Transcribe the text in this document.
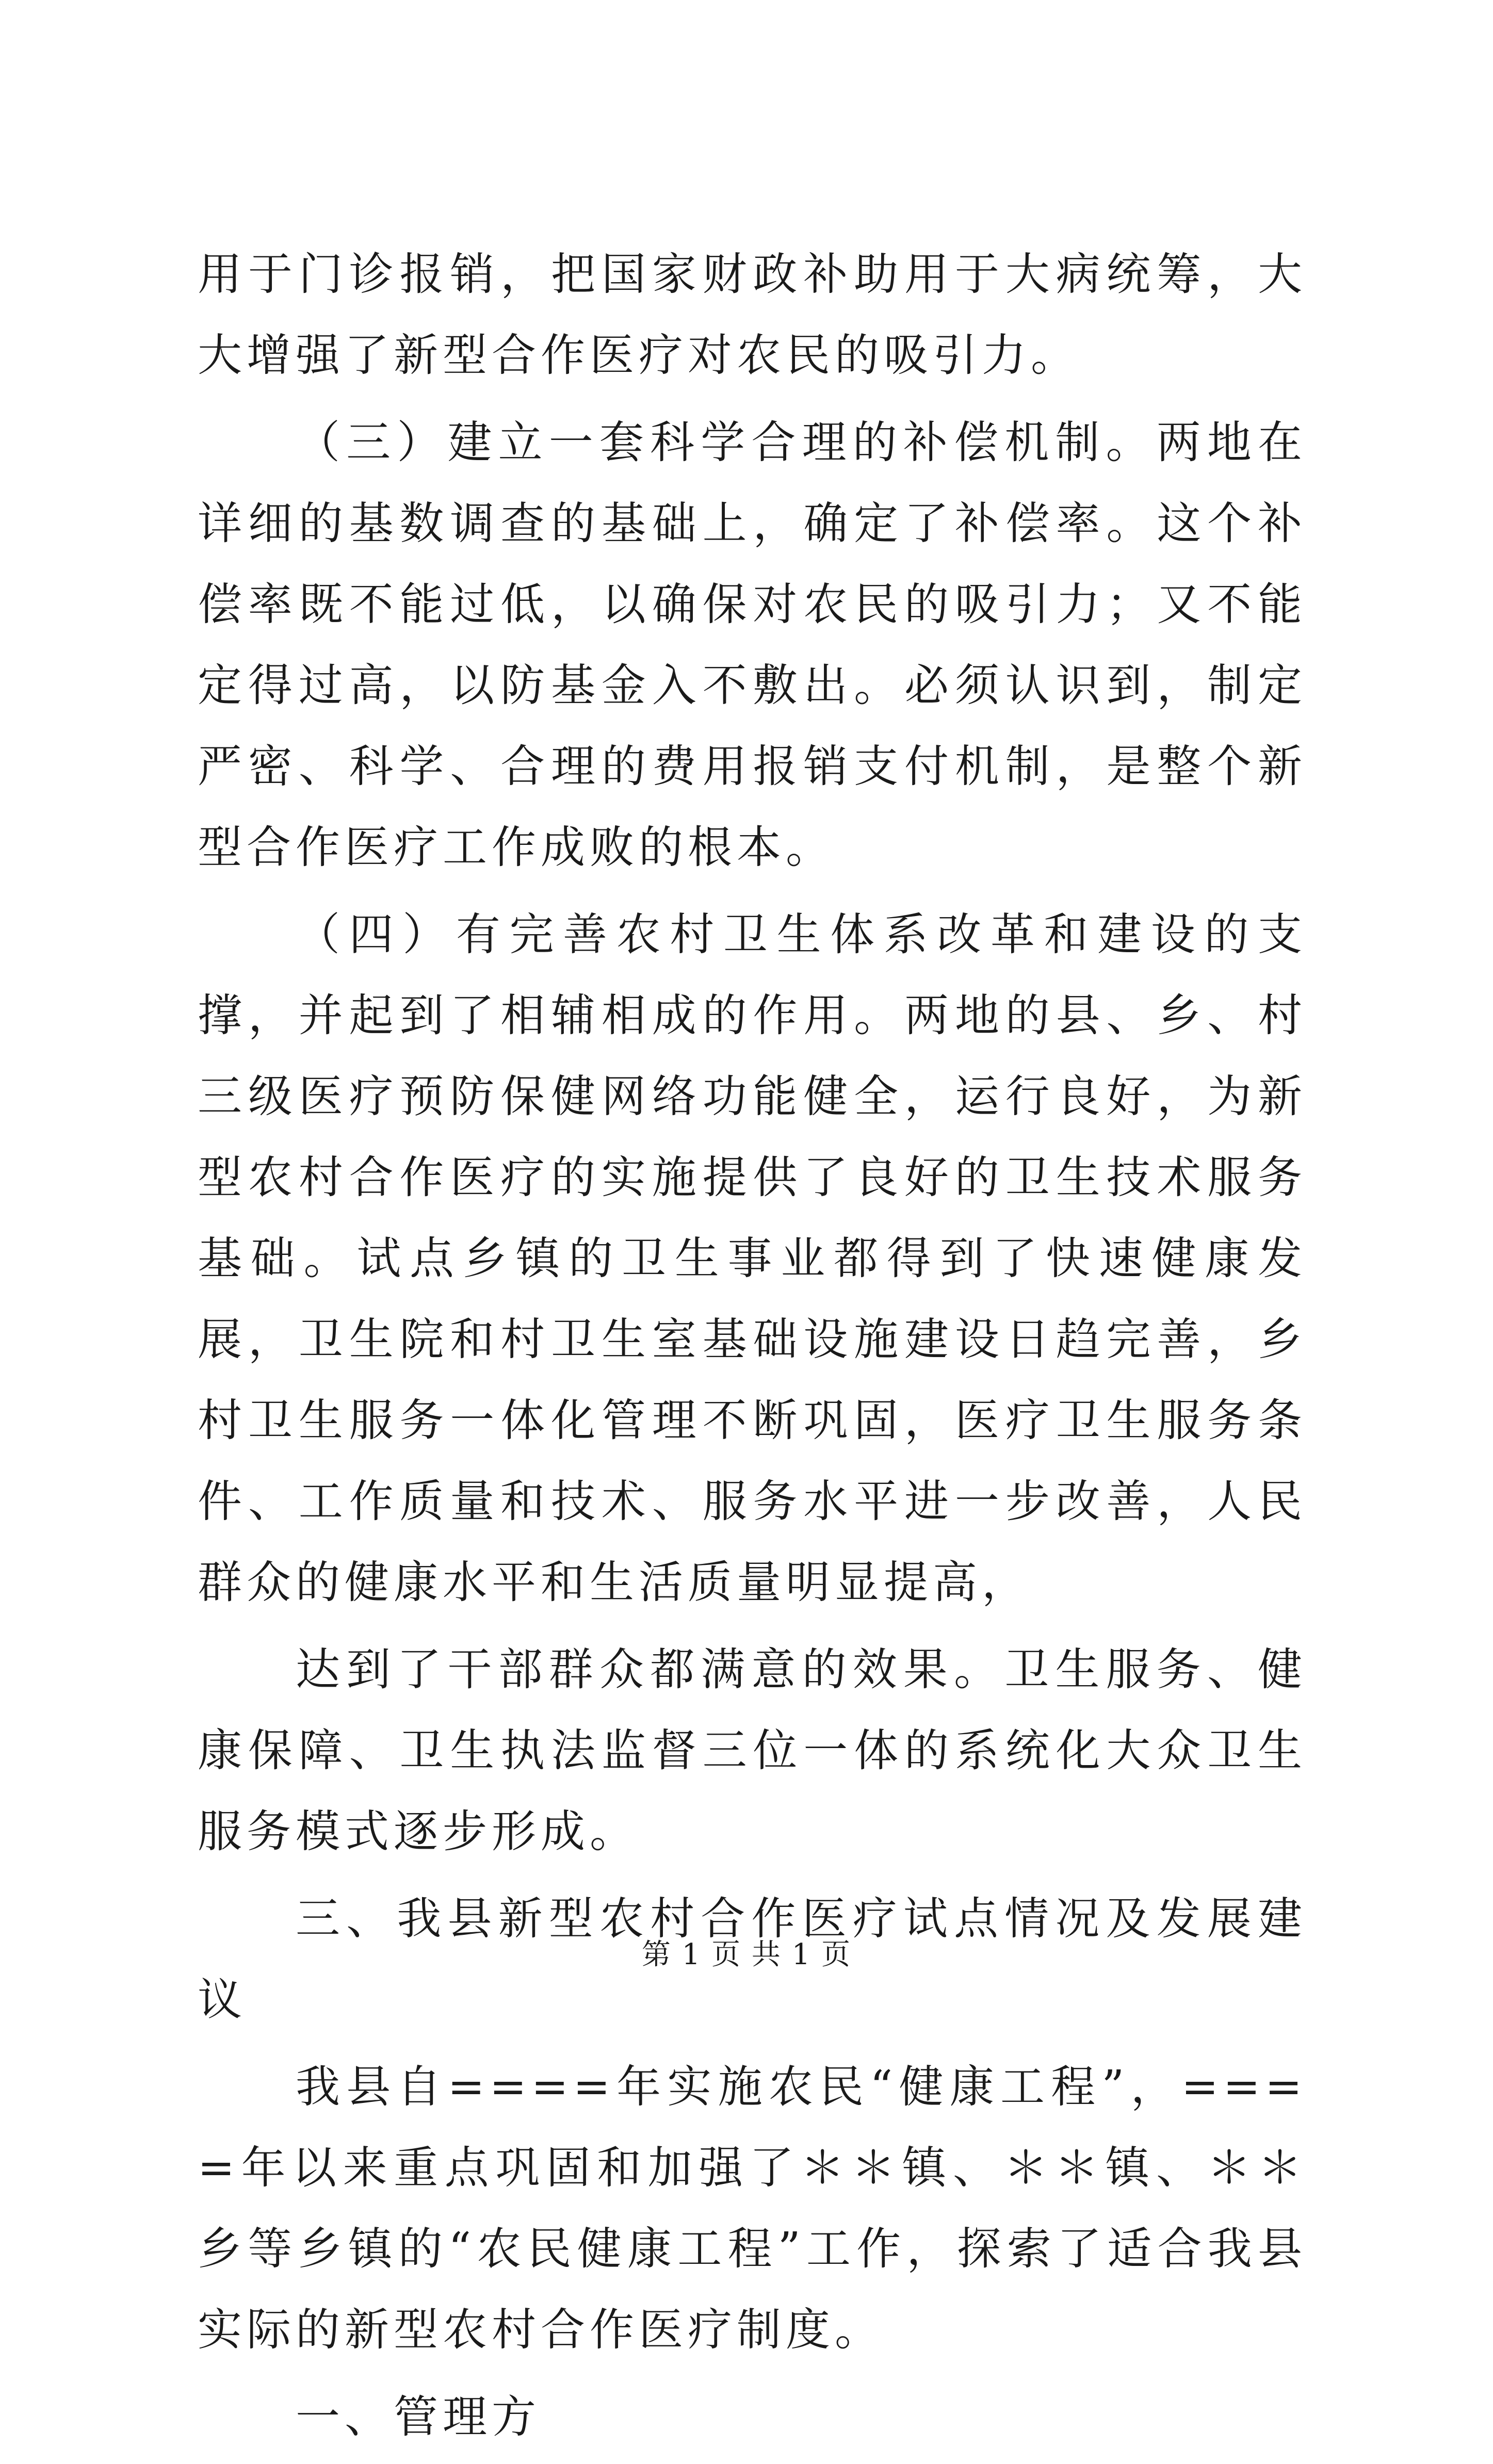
用于门诊报销，把国家财政补助用于大病统筹，大大增强了新型合作医疗对农民的吸引力。

（三）建立一套科学合理的补偿机制。两地在详细的基数调查的基础上，确定了补偿率。这个补偿率既不能过低，以确保对农民的吸引力；又不能定得过高，以防基金入不敷出。必须认识到，制定严密、科学、合理的费用报销支付机制，是整个新型合作医疗工作成败的根本。

（四）有完善农村卫生体系改革和建设的支撑，并起到了相辅相成的作用。两地的县、乡、村三级医疗预防保健网络功能健全，运行良好，为新型农村合作医疗的实施提供了良好的卫生技术服务基础。试点乡镇的卫生事业都得到了快速健康发展，卫生院和村卫生室基础设施建设日趋完善，乡村卫生服务一体化管理不断巩固，医疗卫生服务条件、工作质量和技术、服务水平进一步改善，人民群众的健康水平和生活质量明显提高，

达到了干部群众都满意的效果。卫生服务、健康保障、卫生执法监督三位一体的系统化大众卫生服务模式逐步形成。

三、我县新型农村合作医疗试点情况及发展建议

我县自====年实施农民“健康工程”，====年以来重点巩固和加强了＊＊镇、＊＊镇、＊＊乡等乡镇的“农民健康工程”工作，探索了适合我县实际的新型农村合作医疗制度。

一、管理方

第 1 页 共 1 页
